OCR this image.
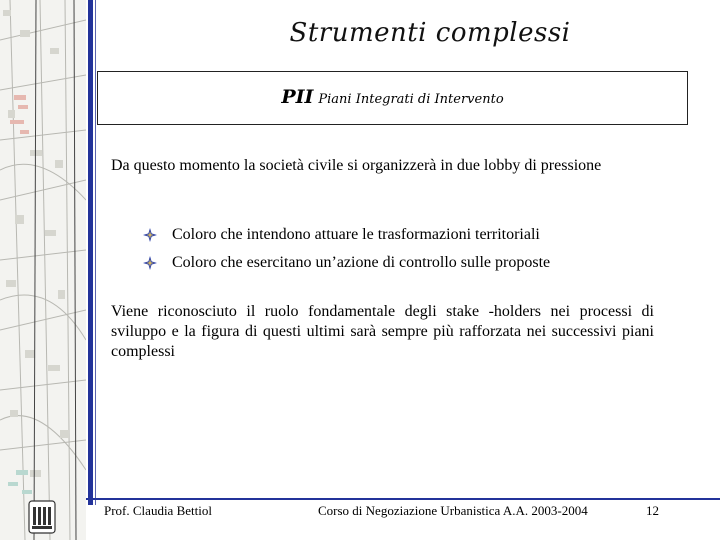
Strumenti complessi
PII Piani Integrati di Intervento
Da questo momento la società civile si organizzerà in due lobby di pressione
Coloro che intendono attuare le trasformazioni territoriali
Coloro che esercitano un’azione di controllo sulle proposte
Viene riconosciuto il ruolo fondamentale degli stake -holders nei processi di sviluppo e la figura di questi ultimi sarà sempre più rafforzata nei successivi piani complessi
Prof. Claudia Bettiol	Corso di Negoziazione Urbanistica A.A. 2003-2004	12
